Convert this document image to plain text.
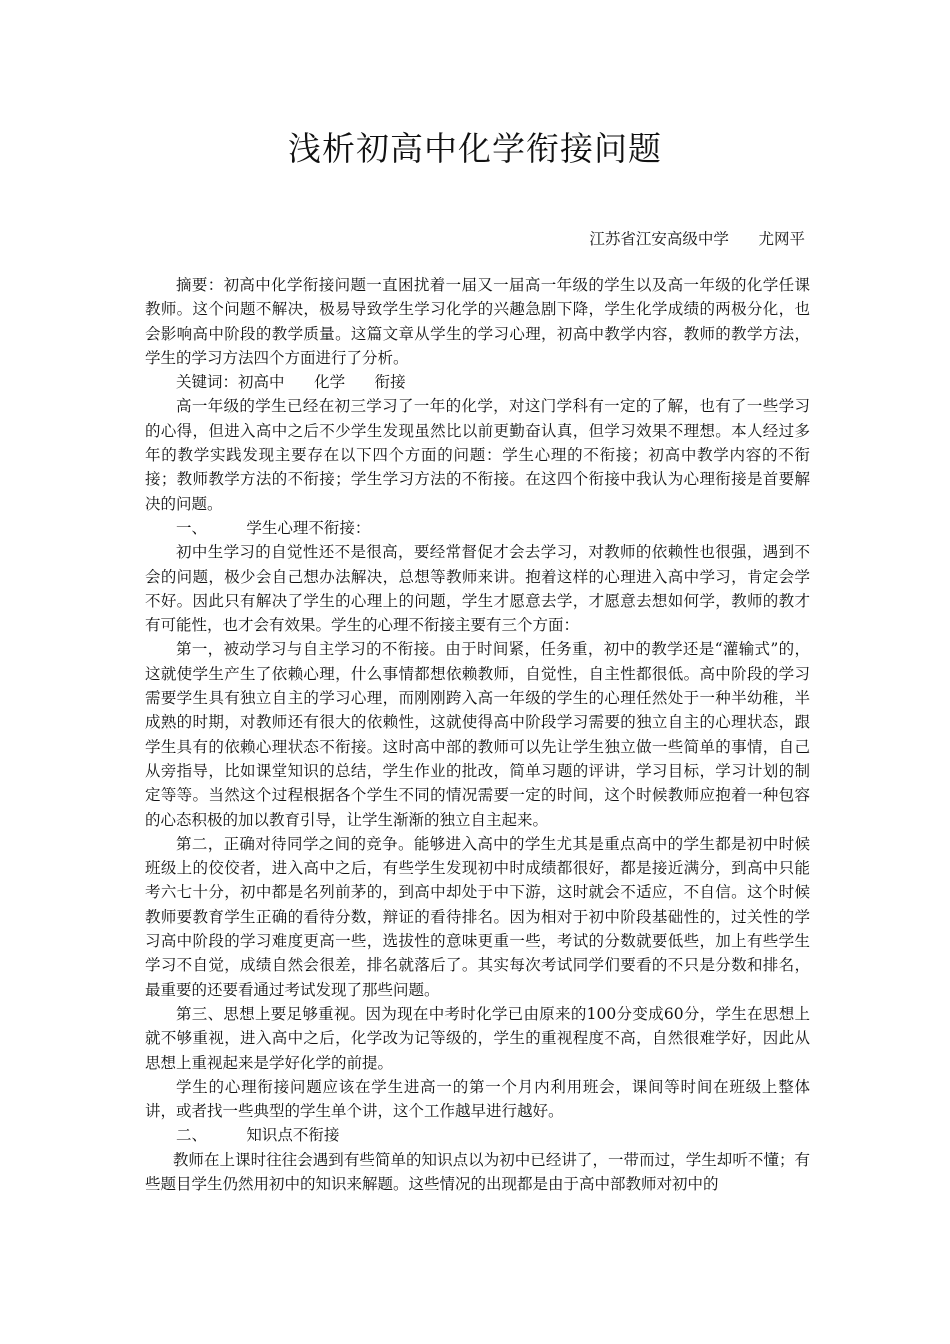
浅析初高中化学衔接问题
江苏省江安高级中学      尤网平

摘要：初高中化学衔接问题一直困扰着一届又一届高一年级的学生以及高一年级的化学任课教师。这个问题不解决，极易导致学生学习化学的兴趣急剧下降，学生化学成绩的两极分化，也会影响高中阶段的教学质量。这篇文章从学生的学习心理，初高中教学内容，教师的教学方法，学生的学习方法四个方面进行了分析。

关键词：初高中      化学      衔接

高一年级的学生已经在初三学习了一年的化学，对这门学科有一定的了解，也有了一些学习的心得，但进入高中之后不少学生发现虽然比以前更勤奋认真，但学习效果不理想。本人经过多年的教学实践发现主要存在以下四个方面的问题：学生心理的不衔接；初高中教学内容的不衔接；教师教学方法的不衔接；学生学习方法的不衔接。在这四个衔接中我认为心理衔接是首要解决的问题。

一、        学生心理不衔接：

初中生学习的自觉性还不是很高，要经常督促才会去学习，对教师的依赖性也很强，遇到不会的问题，极少会自己想办法解决，总想等教师来讲。抱着这样的心理进入高中学习，肯定会学不好。因此只有解决了学生的心理上的问题，学生才愿意去学，才愿意去想如何学，教师的教才有可能性，也才会有效果。学生的心理不衔接主要有三个方面：

第一，被动学习与自主学习的不衔接。由于时间紧，任务重，初中的教学还是“灌输式”的，这就使学生产生了依赖心理，什么事情都想依赖教师，自觉性，自主性都很低。高中阶段的学习需要学生具有独立自主的学习心理，而刚刚跨入高一年级的学生的心理任然处于一种半幼稚，半成熟的时期，对教师还有很大的依赖性，这就使得高中阶段学习需要的独立自主的心理状态，跟学生具有的依赖心理状态不衔接。这时高中部的教师可以先让学生独立做一些简单的事情，自己从旁指导，比如课堂知识的总结，学生作业的批改，简单习题的评讲，学习目标，学习计划的制定等等。当然这个过程根据各个学生不同的情况需要一定的时间，这个时候教师应抱着一种包容的心态积极的加以教育引导，让学生渐渐的独立自主起来。

第二，正确对待同学之间的竞争。能够进入高中的学生尤其是重点高中的学生都是初中时候班级上的佼佼者，进入高中之后，有些学生发现初中时成绩都很好，都是接近满分，到高中只能考六七十分，初中都是名列前茅的，到高中却处于中下游，这时就会不适应，不自信。这个时候教师要教育学生正确的看待分数，辩证的看待排名。因为相对于初中阶段基础性的，过关性的学习高中阶段的学习难度更高一些，选拔性的意味更重一些，考试的分数就要低些，加上有些学生学习不自觉，成绩自然会很差，排名就落后了。其实每次考试同学们要看的不只是分数和排名，最重要的还要看通过考试发现了那些问题。

第三、思想上要足够重视。因为现在中考时化学已由原来的100分变成60分，学生在思想上就不够重视，进入高中之后，化学改为记等级的，学生的重视程度不高，自然很难学好，因此从思想上重视起来是学好化学的前提。

学生的心理衔接问题应该在学生进高一的第一个月内利用班会，课间等时间在班级上整体讲，或者找一些典型的学生单个讲，这个工作越早进行越好。

二、        知识点不衔接

教师在上课时往往会遇到有些简单的知识点以为初中已经讲了，一带而过，学生却听不懂；有些题目学生仍然用初中的知识来解题。这些情况的出现都是由于高中部教师对初中的
